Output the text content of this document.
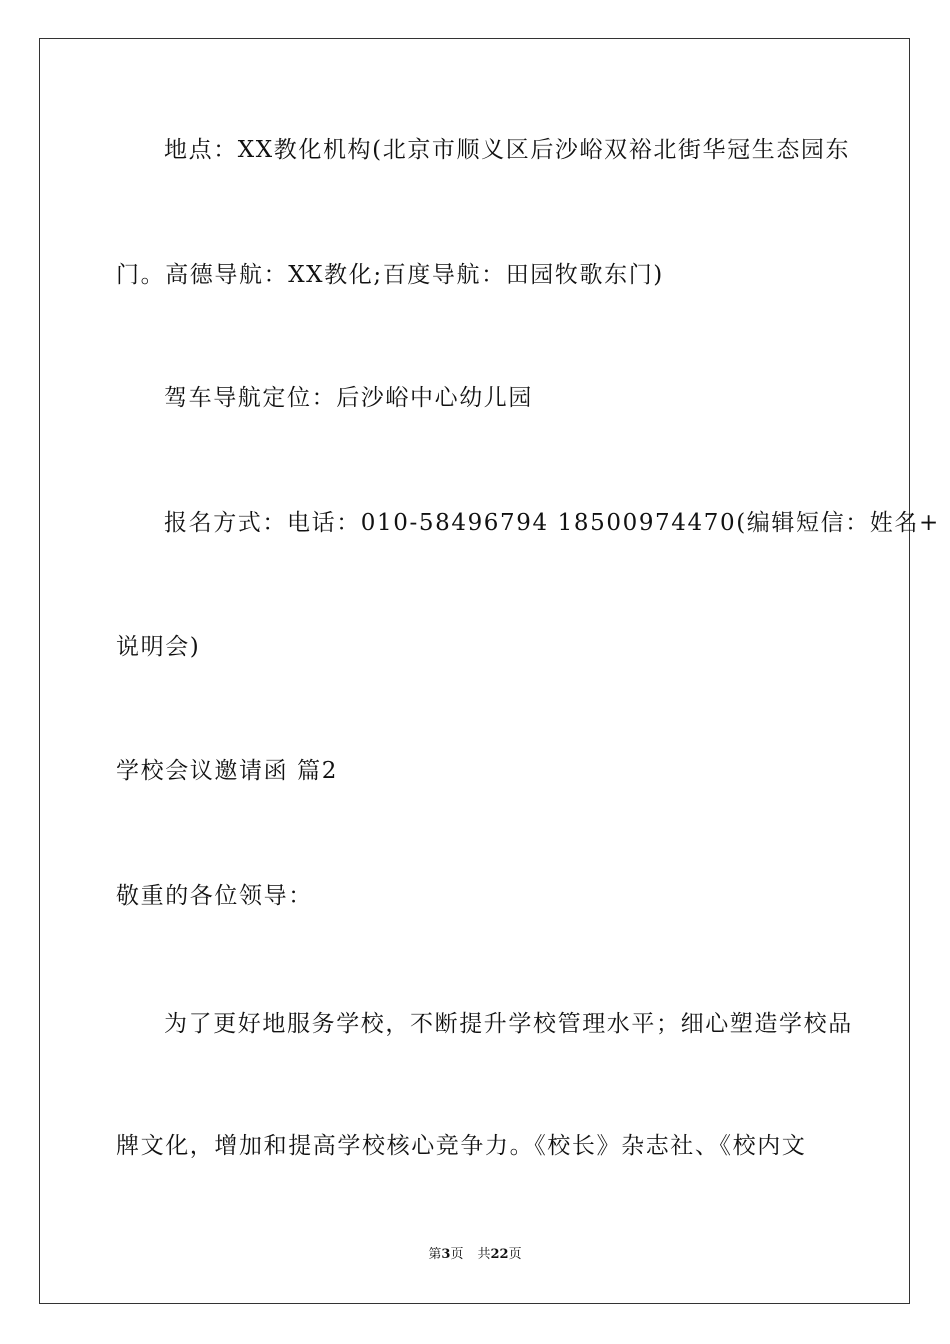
地点：XX教化机构(北京市顺义区后沙峪双裕北街华冠生态园东
门。高德导航：XX教化;百度导航：田园牧歌东门)
驾车导航定位：后沙峪中心幼儿园
报名方式：电话：010-58496794 18500974470(编辑短信：姓名+
说明会)
学校会议邀请函 篇2
敬重的各位领导：
为了更好地服务学校，不断提升学校管理水平；细心塑造学校品
牌文化，增加和提高学校核心竞争力。《校长》杂志社、《校内文
第3页 共22页
